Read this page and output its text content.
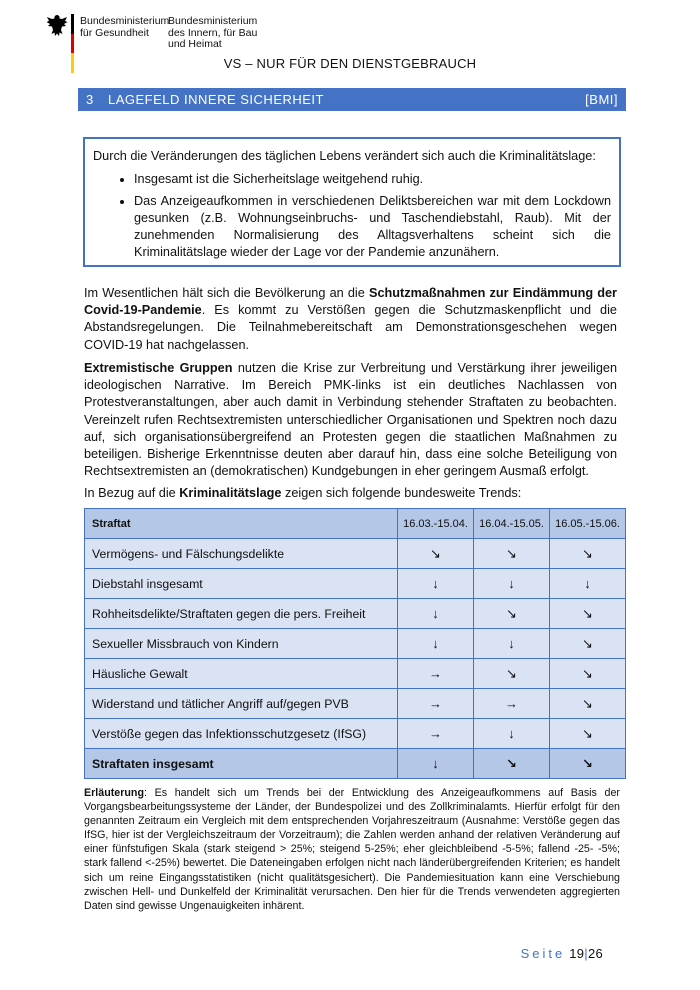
Bundesministerium
für Gesundheit
Bundesministerium
des Innern, für Bau
und Heimat
VS – NUR FÜR DEN DIENSTGEBRAUCH
3	LAGEFELD INNERE SICHERHEIT	[BMI]
Durch die Veränderungen des täglichen Lebens verändert sich auch die Kriminalitätslage:
• Insgesamt ist die Sicherheitslage weitgehend ruhig.
• Das Anzeigeaufkommen in verschiedenen Deliktsbereichen war mit dem Lockdown gesunken (z.B. Wohnungseinbruchs- und Taschendiebstahl, Raub). Mit der zunehmenden Normalisierung des Alltagsverhaltens scheint sich die Kriminalitätslage wieder der Lage vor der Pandemie anzunähern.
Im Wesentlichen hält sich die Bevölkerung an die Schutzmaßnahmen zur Eindämmung der Covid-19-Pandemie. Es kommt zu Verstößen gegen die Schutzmaskenpflicht und die Abstandsregelungen. Die Teilnahmebereitschaft am Demonstrationsgeschehen wegen COVID-19 hat nachgelassen.
Extremistische Gruppen nutzen die Krise zur Verbreitung und Verstärkung ihrer jeweiligen ideologischen Narrative. Im Bereich PMK-links ist ein deutliches Nachlassen von Protestveranstaltungen, aber auch damit in Verbindung stehender Straftaten zu beobachten. Vereinzelt rufen Rechtsextremisten unterschiedlicher Organisationen und Spektren noch dazu auf, sich organisationsübergreifend an Protesten gegen die staatlichen Maßnahmen zu beteiligen. Bisherige Erkenntnisse deuten aber darauf hin, dass eine solche Beteiligung von Rechtsextremisten an (demokratischen) Kundgebungen in eher geringem Ausmaß erfolgt.
In Bezug auf die Kriminalitätslage zeigen sich folgende bundesweite Trends:
Straftat	16.03.-15.04.	16.04.-15.05.	16.05.-15.06.
Vermögens- und Fälschungsdelikte	↘	↘	↘
Diebstahl insgesamt	↓	↓	↓
Rohheitsdelikte/Straftaten gegen die pers. Freiheit	↓	↘	↘
Sexueller Missbrauch von Kindern	↓	↓	↘
Häusliche Gewalt	→	↘	↘
Widerstand und tätlicher Angriff auf/gegen PVB	→	→	↘
Verstöße gegen das Infektionsschutzgesetz (IfSG)	→	↓	↘
Straftaten insgesamt	↓	↘	↘
Erläuterung: Es handelt sich um Trends bei der Entwicklung des Anzeigeaufkommens auf Basis der Vorgangsbearbeitungssysteme der Länder, der Bundespolizei und des Zollkriminalamts. Hierfür erfolgt für den genannten Zeitraum ein Vergleich mit dem entsprechenden Vorjahreszeitraum (Ausnahme: Verstöße gegen das IfSG, hier ist der Vergleichszeitraum der Vorzeitraum); die Zahlen werden anhand der relativen Veränderung auf einer fünfstufigen Skala (stark steigend > 25%; steigend 5-25%; eher gleichbleibend -5-5%; fallend -25- -5%; stark fallend <-25%) bewertet. Die Dateneingaben erfolgen nicht nach länderübergreifenden Kriterien; es handelt sich um reine Eingangsstatistiken (nicht qualitätsgesichert). Die Pandemiesituation kann eine Verschiebung zwischen Hell- und Dunkelfeld der Kriminalität verursachen. Den hier für die Trends verwendeten aggregierten Daten sind gewisse Ungenauigkeiten inhärent.
Seite 19|26
